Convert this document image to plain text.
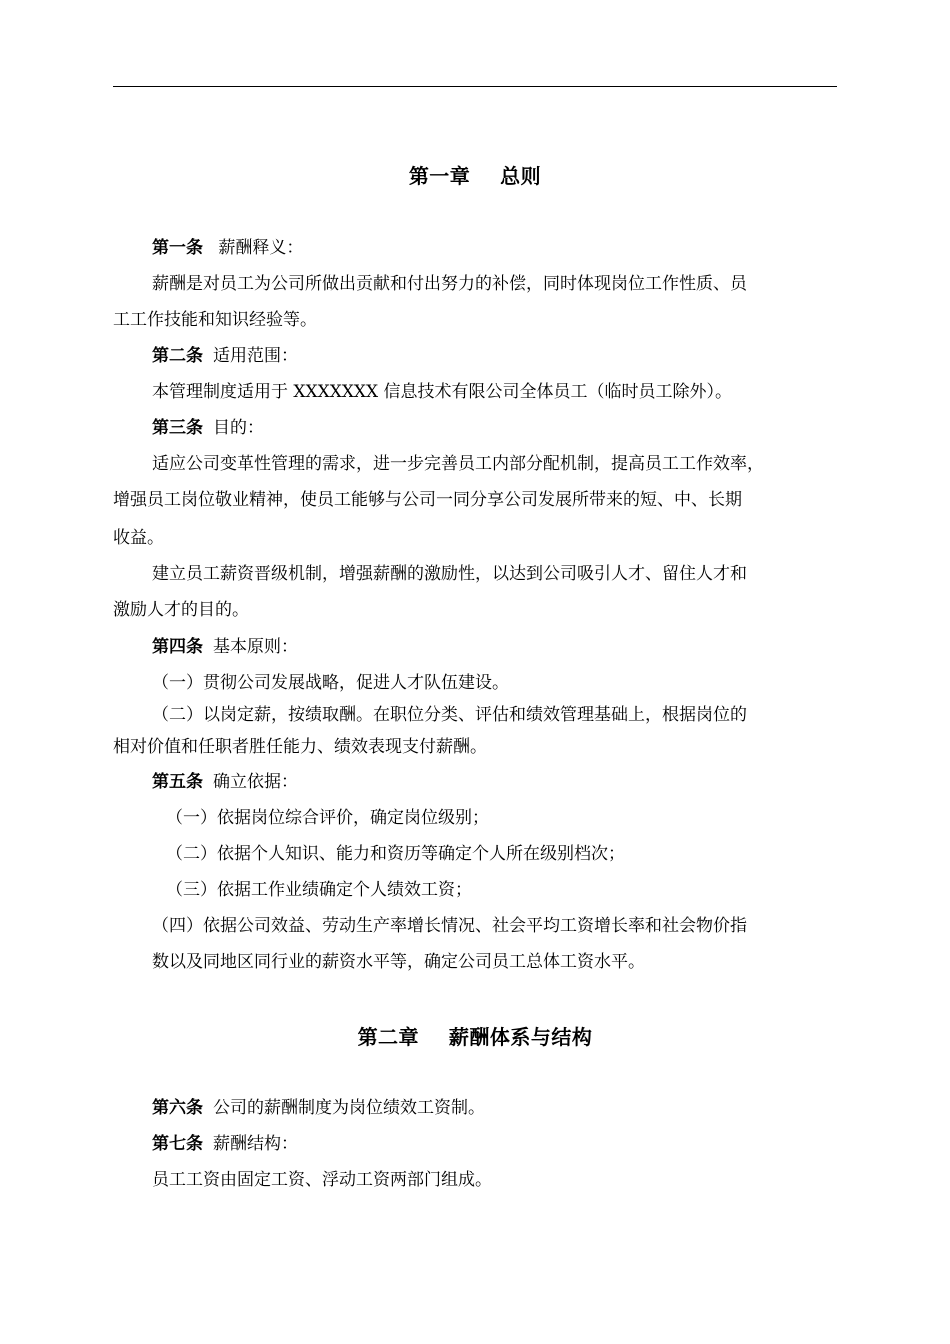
第一章    总则
第一条 薪酬释义：
薪酬是对员工为公司所做出贡献和付出努力的补偿，同时体现岗位工作性质、员
工工作技能和知识经验等。
第二条 适用范围：
本管理制度适用于 XXXXXXX 信息技术有限公司全体员工（临时员工除外）。
第三条 目的：
适应公司变革性管理的需求，进一步完善员工内部分配机制，提高员工工作效率，
增强员工岗位敬业精神，使员工能够与公司一同分享公司发展所带来的短、中、长期
收益。
建立员工薪资晋级机制，增强薪酬的激励性，以达到公司吸引人才、留住人才和
激励人才的目的。
第四条 基本原则：
（一）贯彻公司发展战略，促进人才队伍建设。
（二）以岗定薪，按绩取酬。在职位分类、评估和绩效管理基础上，根据岗位的
相对价值和任职者胜任能力、绩效表现支付薪酬。
第五条 确立依据：
（一）依据岗位综合评价，确定岗位级别；
（二）依据个人知识、能力和资历等确定个人所在级别档次；
（三）依据工作业绩确定个人绩效工资；
（四）依据公司效益、劳动生产率增长情况、社会平均工资增长率和社会物价指
数以及同地区同行业的薪资水平等，确定公司员工总体工资水平。
第二章    薪酬体系与结构
第六条 公司的薪酬制度为岗位绩效工资制。
第七条 薪酬结构：
员工工资由固定工资、浮动工资两部门组成。
